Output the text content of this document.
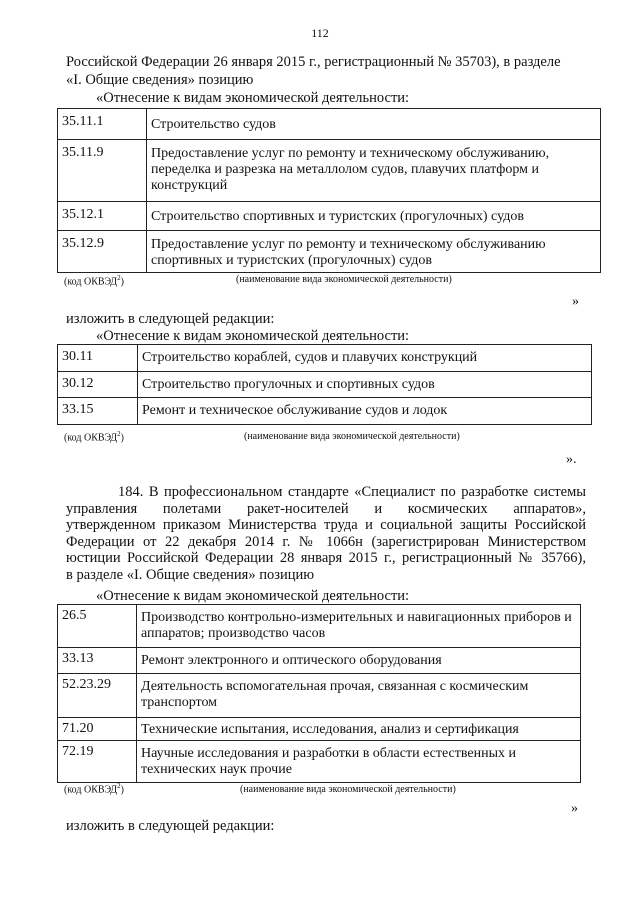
112
Российской Федерации 26 января 2015 г., регистрационный № 35703), в разделе
«I. Общие сведения» позицию
«Отнесение к видам экономической деятельности:
35.11.1	Строительство судов
35.11.9	Предоставление услуг по ремонту и техническому обслуживанию, переделка и разрезка на металлолом судов, плавучих платформ и конструкций
35.12.1	Строительство спортивных и туристских (прогулочных) судов
35.12.9	Предоставление услуг по ремонту и техническому обслуживанию спортивных и туристских (прогулочных) судов
(код ОКВЭД$^2$)	(наименование вида экономической деятельности)
»
изложить в следующей редакции:
«Отнесение к видам экономической деятельности:
30.11	Строительство кораблей, судов и плавучих конструкций
30.12	Строительство прогулочных и спортивных судов
33.15	Ремонт и техническое обслуживание судов и лодок
(код ОКВЭД$^2$)	(наименование вида экономической деятельности)
».
184. В профессиональном стандарте «Специалист по разработке системы
управления полетами ракет-носителей и космических аппаратов»,
утвержденном приказом Министерства труда и социальной защиты Российской
Федерации от 22 декабря 2014 г. № 1066н (зарегистрирован Министерством
юстиции Российской Федерации 28 января 2015 г., регистрационный № 35766),
в разделе «I. Общие сведения» позицию
«Отнесение к видам экономической деятельности:
26.5	Производство контрольно-измерительных и навигационных приборов и аппаратов; производство часов
33.13	Ремонт электронного и оптического оборудования
52.23.29	Деятельность вспомогательная прочая, связанная с космическим транспортом
71.20	Технические испытания, исследования, анализ и сертификация
72.19	Научные исследования и разработки в области естественных и технических наук прочие
(код ОКВЭД$^2$)	(наименование вида экономической деятельности)
»
изложить в следующей редакции:
